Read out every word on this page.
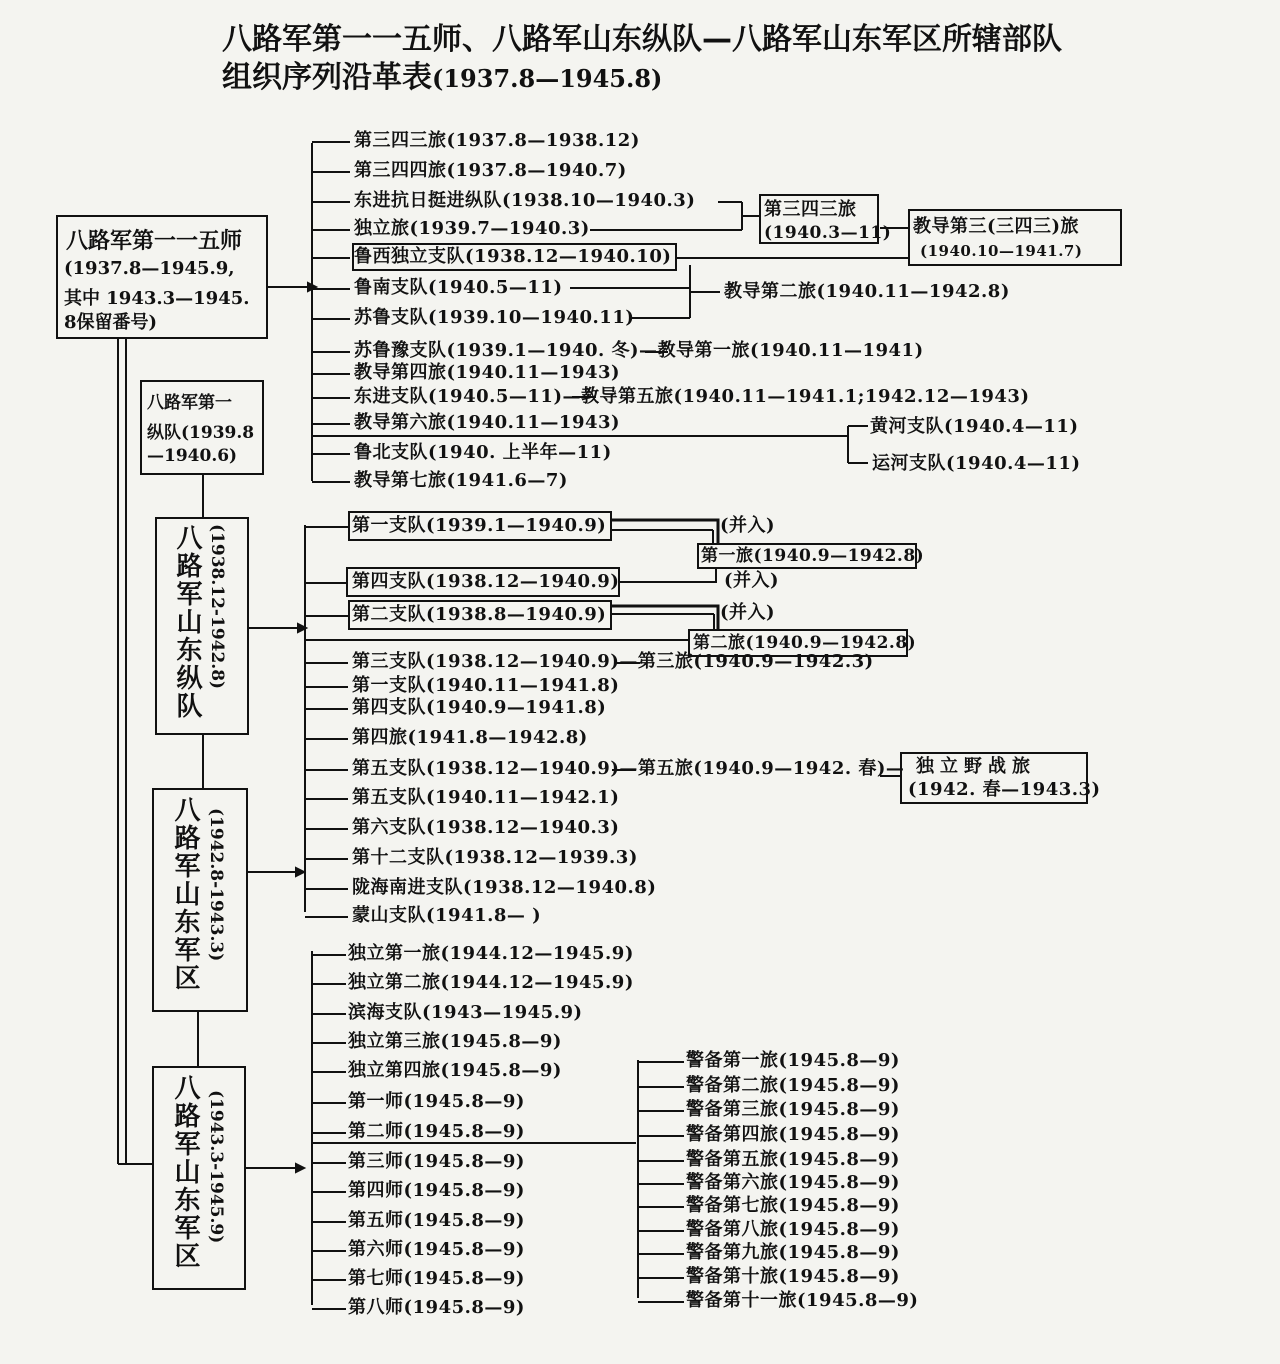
八路军第一一五师、八路军山东纵队—八路军山东军区所辖部队
组织序列沿革表(1937.8—1945.8)
八路军第一一五师
(1937.8—1945.9,
其中 1943.3—1945.
8保留番号)
八路军第一
纵队(1939.8
—1940.6)
八路军山东纵队 (1938.12-1942.8)
八路军山东军区 (1942.8-1943.3)
八路军山东军区 (1943.3-1945.9)
第三四三旅(1937.8—1938.12)
第三四四旅(1937.8—1940.7)
东进抗日挺进纵队(1938.10—1940.3)
独立旅(1939.7—1940.3)
鲁西独立支队(1938.12—1940.10)
鲁南支队(1940.5—11)
苏鲁支队(1939.10—1940.11)
苏鲁豫支队(1939.1—1940. 冬)—教导第一旅(1940.11—1941)
教导第四旅(1940.11—1943)
东进支队(1940.5—11)—教导第五旅(1940.11—1941.1;1942.12—1943)
教导第六旅(1940.11—1943)
鲁北支队(1940. 上半年—11)
教导第七旅(1941.6—7)
第三四三旅
(1940.3—11) 教导第三(三四三)旅
(1940.10—1941.7)
教导第二旅(1940.11—1942.8)
黄河支队(1940.4—11)
运河支队(1940.4—11)
第一支队(1939.1—1940.9)
第四支队(1938.12—1940.9)
第二支队(1938.8—1940.9)
第三支队(1938.12—1940.9)—第三旅(1940.9—1942.3)
第一支队(1940.11—1941.8)
第四支队(1940.9—1941.8)
第四旅(1941.8—1942.8)
第五支队(1938.12—1940.9)—第五旅(1940.9—1942. 春)—
第五支队(1940.11—1942.1)
第六支队(1938.12—1940.3)
第十二支队(1938.12—1939.3)
陇海南进支队(1938.12—1940.8)
蒙山支队(1941.8— )
第一旅(1940.9—1942.8)
第二旅(1940.9—1942.8)
(并入)
(并入)
(并入)
独立野战旅
(1942. 春—1943.3)
独立第一旅(1944.12—1945.9)
独立第二旅(1944.12—1945.9)
滨海支队(1943—1945.9)
独立第三旅(1945.8—9)
独立第四旅(1945.8—9)
第一师(1945.8—9)
第二师(1945.8—9)
第三师(1945.8—9)
第四师(1945.8—9)
第五师(1945.8—9)
第六师(1945.8—9)
第七师(1945.8—9)
第八师(1945.8—9)
警备第一旅(1945.8—9)
警备第二旅(1945.8—9)
警备第三旅(1945.8—9)
警备第四旅(1945.8—9)
警备第五旅(1945.8—9)
警备第六旅(1945.8—9)
警备第七旅(1945.8—9)
警备第八旅(1945.8—9)
警备第九旅(1945.8—9)
警备第十旅(1945.8—9)
警备第十一旅(1945.8—9)
